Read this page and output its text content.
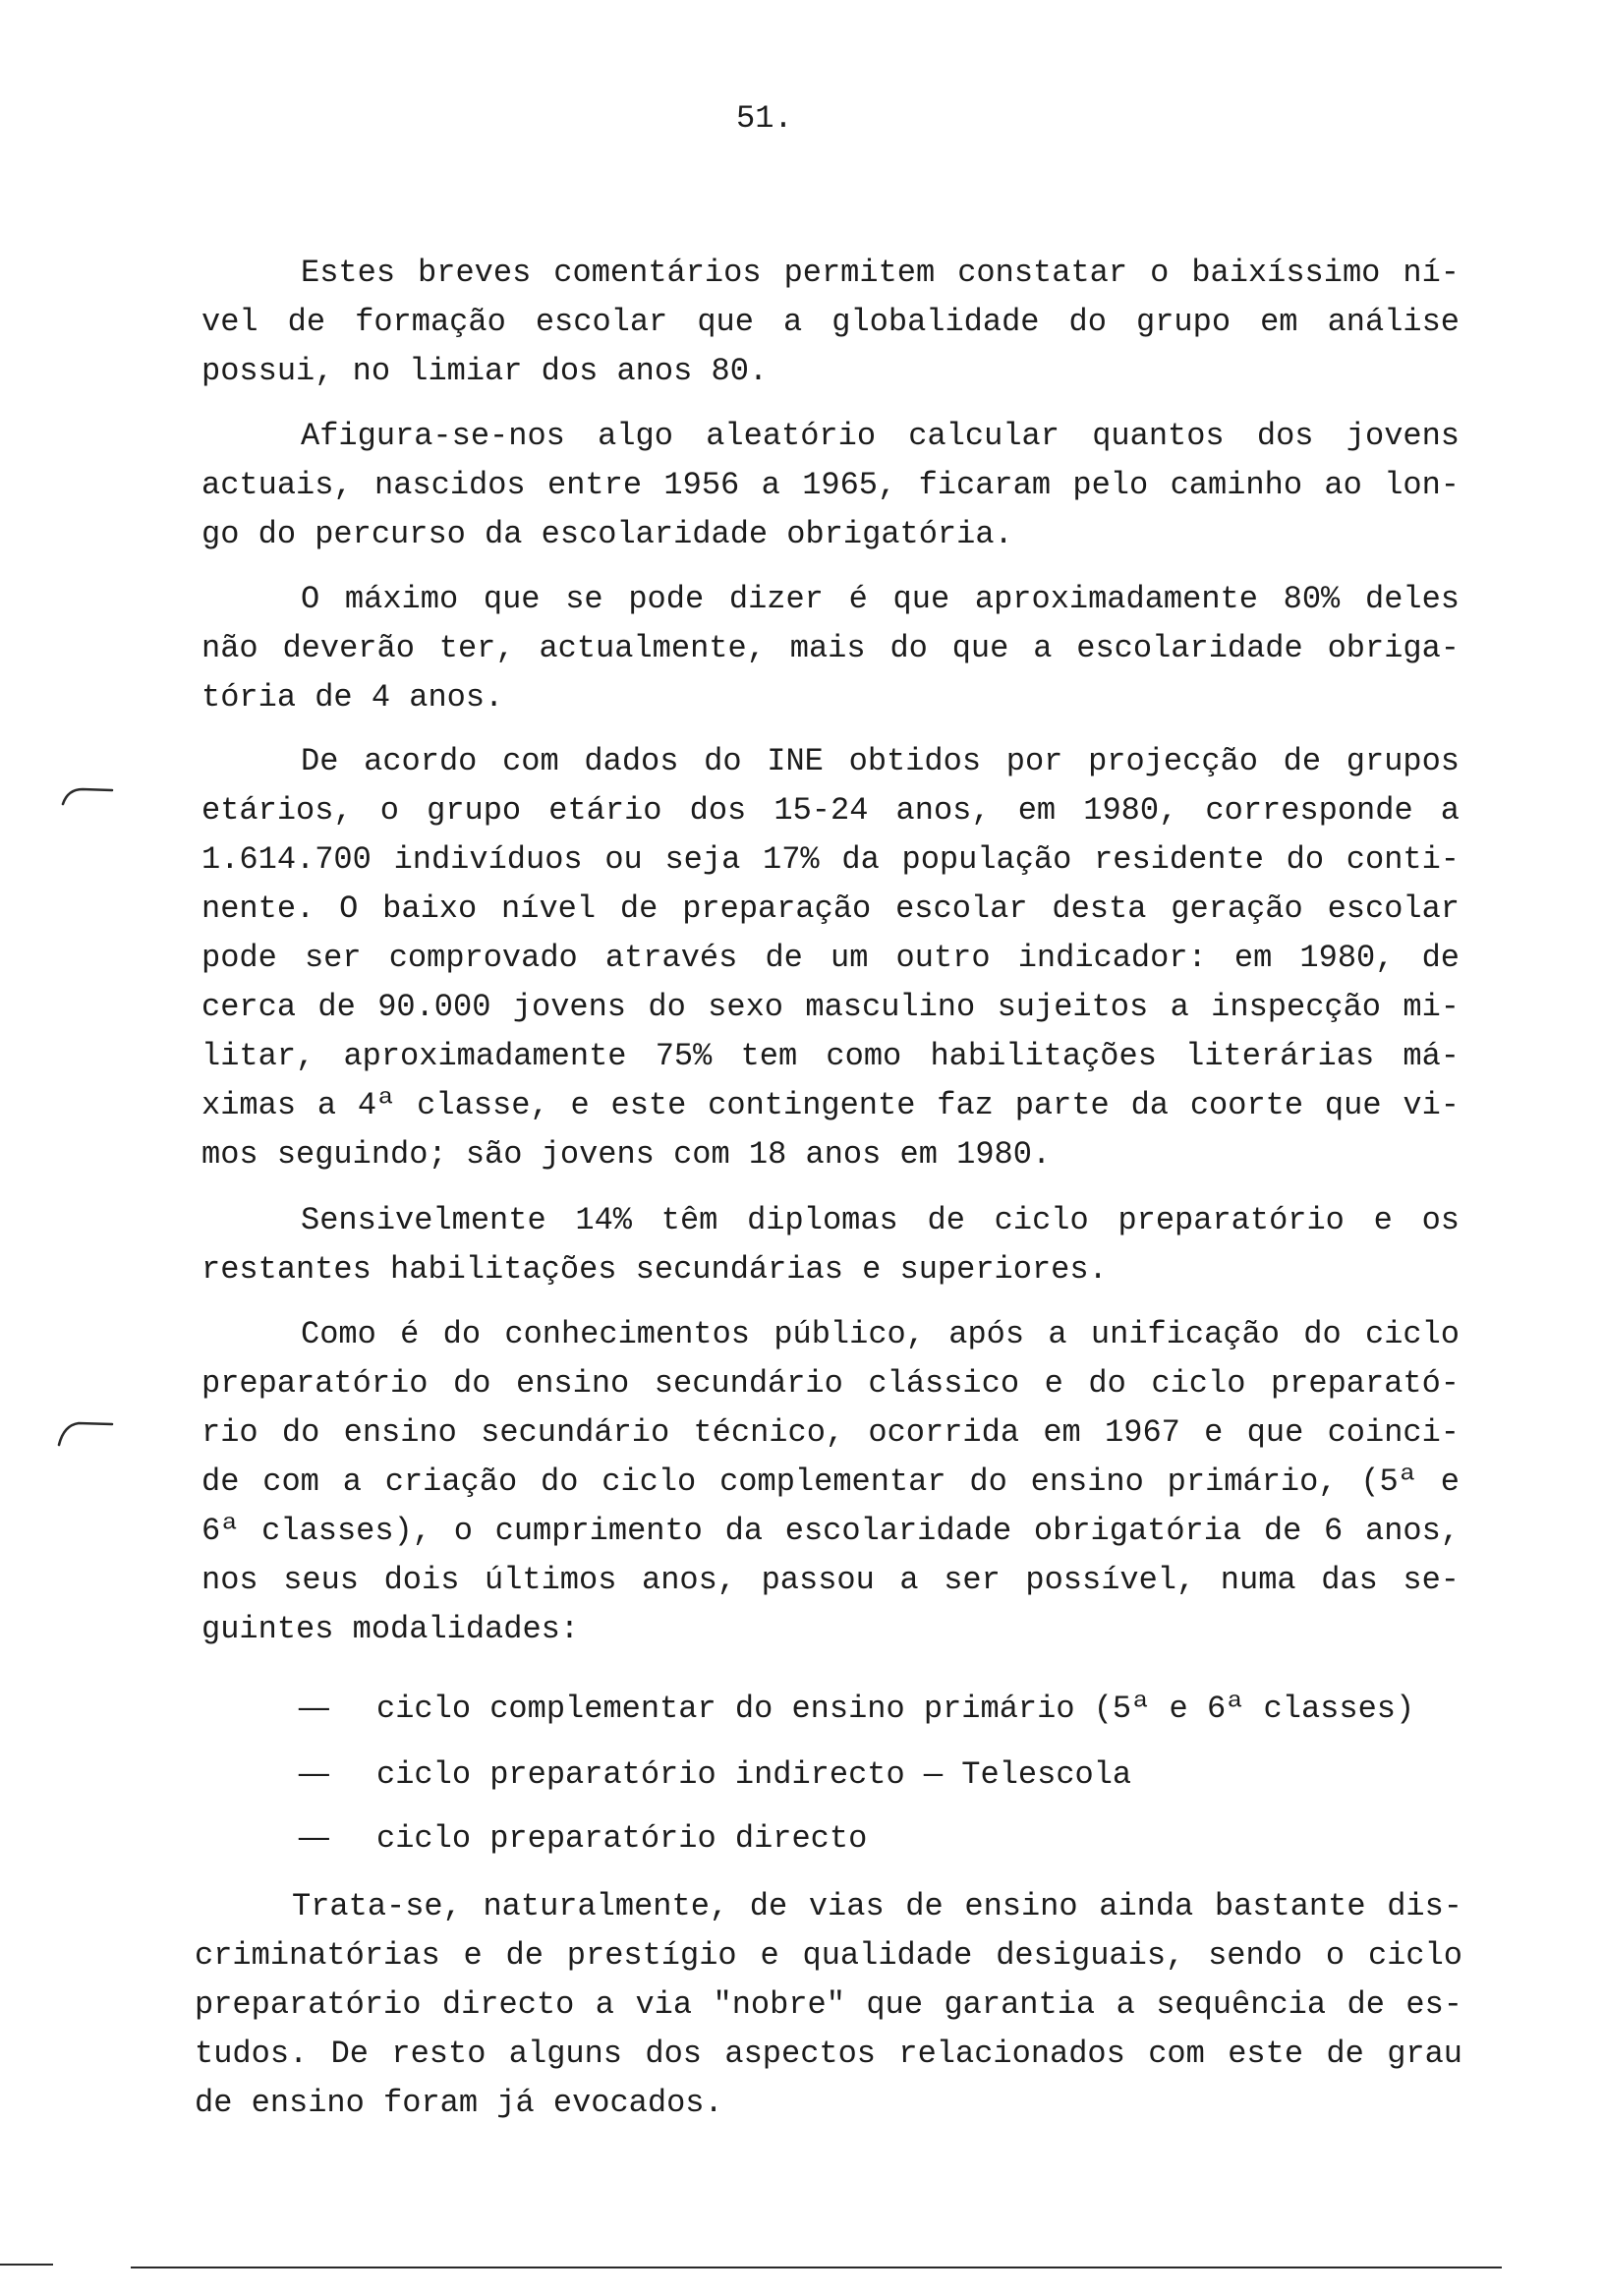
51.
Estes breves comentários permitem constatar o baixíssimo ní-
vel de formação escolar que a globalidade do grupo em análise
possui, no limiar dos anos 80.
Afigura-se-nos algo aleatório calcular quantos dos jovens
actuais, nascidos entre 1956 a 1965, ficaram pelo caminho ao lon-
go do percurso da escolaridade obrigatória.
O máximo que se pode dizer é que aproximadamente 80% deles
não deverão ter, actualmente, mais do que a escolaridade obriga-
tória de 4 anos.
De acordo com dados do INE obtidos por projecção de grupos
etários, o grupo etário dos 15-24 anos, em 1980, corresponde a
1.614.700 indivíduos ou seja 17% da população residente do conti-
nente. O baixo nível de preparação escolar desta geração escolar
pode ser comprovado através de um outro indicador: em 1980, de
cerca de 90.000 jovens do sexo masculino sujeitos a inspecção mi-
litar, aproximadamente 75% tem como habilitações literárias má-
ximas a 4ª classe, e este contingente faz parte da coorte que vi-
mos seguindo; são jovens com 18 anos em 1980.
Sensivelmente 14% têm diplomas de ciclo preparatório e os
restantes habilitações secundárias e superiores.
Como é do conhecimentos público, após a unificação do ciclo
preparatório do ensino secundário clássico e do ciclo preparató-
rio do ensino secundário técnico, ocorrida em 1967 e que coinci-
de com a criação do ciclo complementar do ensino primário, (5ª e
6ª classes), o cumprimento da escolaridade obrigatória de 6 anos,
nos seus dois últimos anos, passou a ser possível, numa das se-
guintes modalidades:

—

ciclo complementar do ensino primário (5ª e 6ª classes)

—

ciclo preparatório indirecto — Telescola

—

ciclo preparatório directo

Trata-se, naturalmente, de vias de ensino ainda bastante dis-
criminatórias e de prestígio e qualidade desiguais, sendo o ciclo
preparatório directo a via "nobre" que garantia a sequência de es-
tudos. De resto alguns dos aspectos relacionados com este de grau
de ensino foram já evocados.
